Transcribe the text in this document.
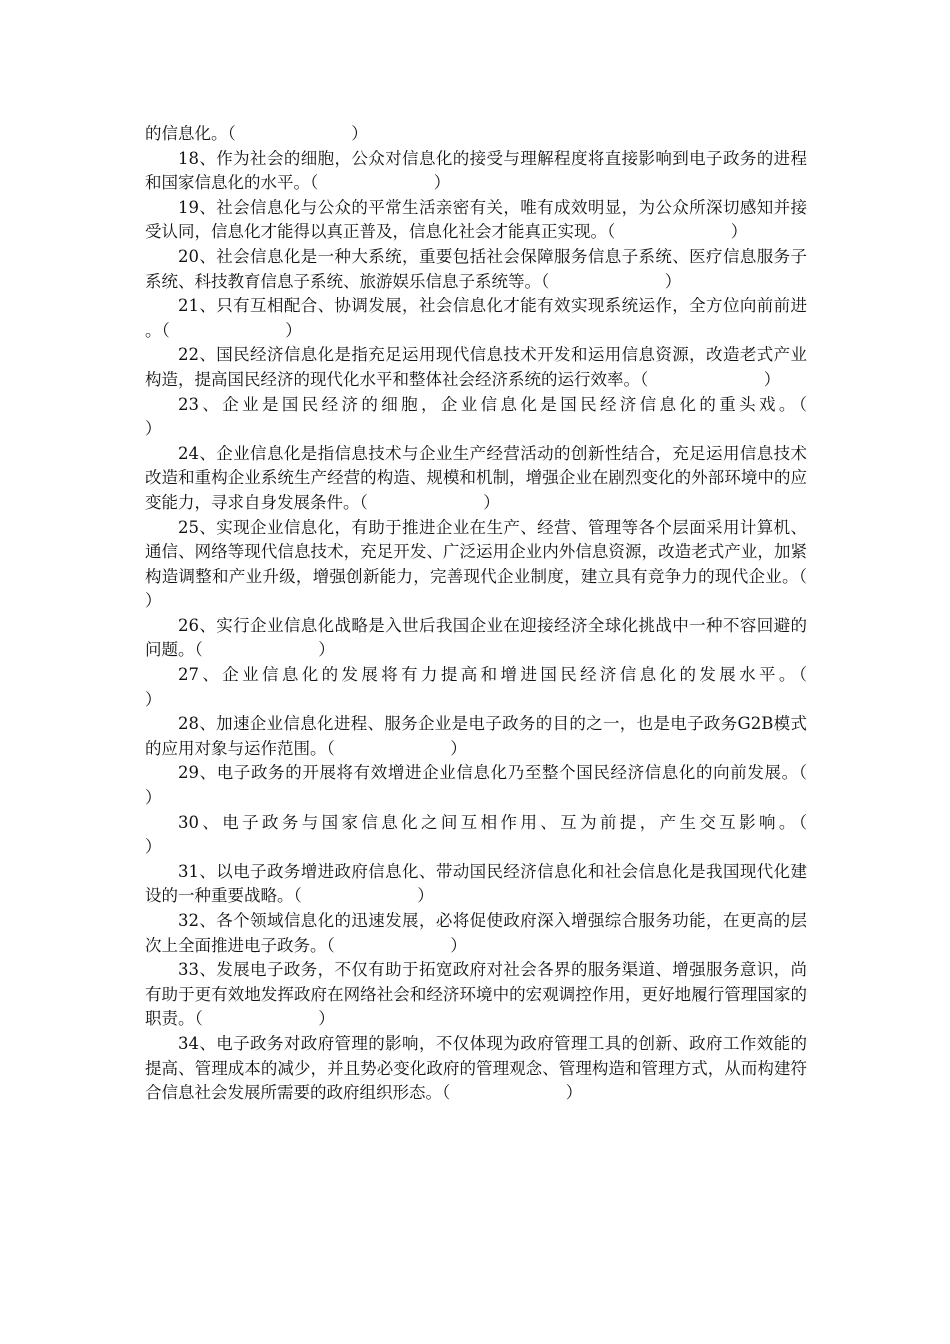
的信息化。（　　　　　　　）

18、作为社会的细胞，公众对信息化的接受与理解程度将直接影响到电子政务的进程和国家信息化的水平。（　　　　　　　）

19、社会信息化与公众的平常生活亲密有关，唯有成效明显，为公众所深切感知并接受认同，信息化才能得以真正普及，信息化社会才能真正实现。（　　　　　　　）

20、社会信息化是一种大系统，重要包括社会保障服务信息子系统、医疗信息服务子系统、科技教育信息子系统、旅游娱乐信息子系统等。（　　　　　　　）

21、只有互相配合、协调发展，社会信息化才能有效实现系统运作，全方位向前前进。（　　　　　　　）

22、国民经济信息化是指充足运用现代信息技术开发和运用信息资源，改造老式产业构造，提高国民经济的现代化水平和整体社会经济系统的运行效率。（　　　　　　　）

23、企业是国民经济的细胞，企业信息化是国民经济信息化的重头戏。（　　　　　　　）

24、企业信息化是指信息技术与企业生产经营活动的创新性结合，充足运用信息技术改造和重构企业系统生产经营的构造、规模和机制，增强企业在剧烈变化的外部环境中的应变能力，寻求自身发展条件。（　　　　　　　）

25、实现企业信息化，有助于推进企业在生产、经营、管理等各个层面采用计算机、通信、网络等现代信息技术，充足开发、广泛运用企业内外信息资源，改造老式产业，加紧构造调整和产业升级，增强创新能力，完善现代企业制度，建立具有竞争力的现代企业。（　　　　　　　）

26、实行企业信息化战略是入世后我国企业在迎接经济全球化挑战中一种不容回避的问题。（　　　　　　　）

27、企业信息化的发展将有力提高和增进国民经济信息化的发展水平。（　　　　　　　）

28、加速企业信息化进程、服务企业是电子政务的目的之一，也是电子政务G2B模式的应用对象与运作范围。（　　　　　　　）

29、电子政务的开展将有效增进企业信息化乃至整个国民经济信息化的向前发展。（　　　　　　　）

30、电子政务与国家信息化之间互相作用、互为前提，产生交互影响。（　　　　　　　）

31、以电子政务增进政府信息化、带动国民经济信息化和社会信息化是我国现代化建设的一种重要战略。（　　　　　　　）

32、各个领域信息化的迅速发展，必将促使政府深入增强综合服务功能，在更高的层次上全面推进电子政务。（　　　　　　　）

33、发展电子政务，不仅有助于拓宽政府对社会各界的服务渠道、增强服务意识，尚有助于更有效地发挥政府在网络社会和经济环境中的宏观调控作用，更好地履行管理国家的职责。（　　　　　　　）

34、电子政务对政府管理的影响，不仅体现为政府管理工具的创新、政府工作效能的提高、管理成本的减少，并且势必变化政府的管理观念、管理构造和管理方式，从而构建符合信息社会发展所需要的政府组织形态。（　　　　　　　）
